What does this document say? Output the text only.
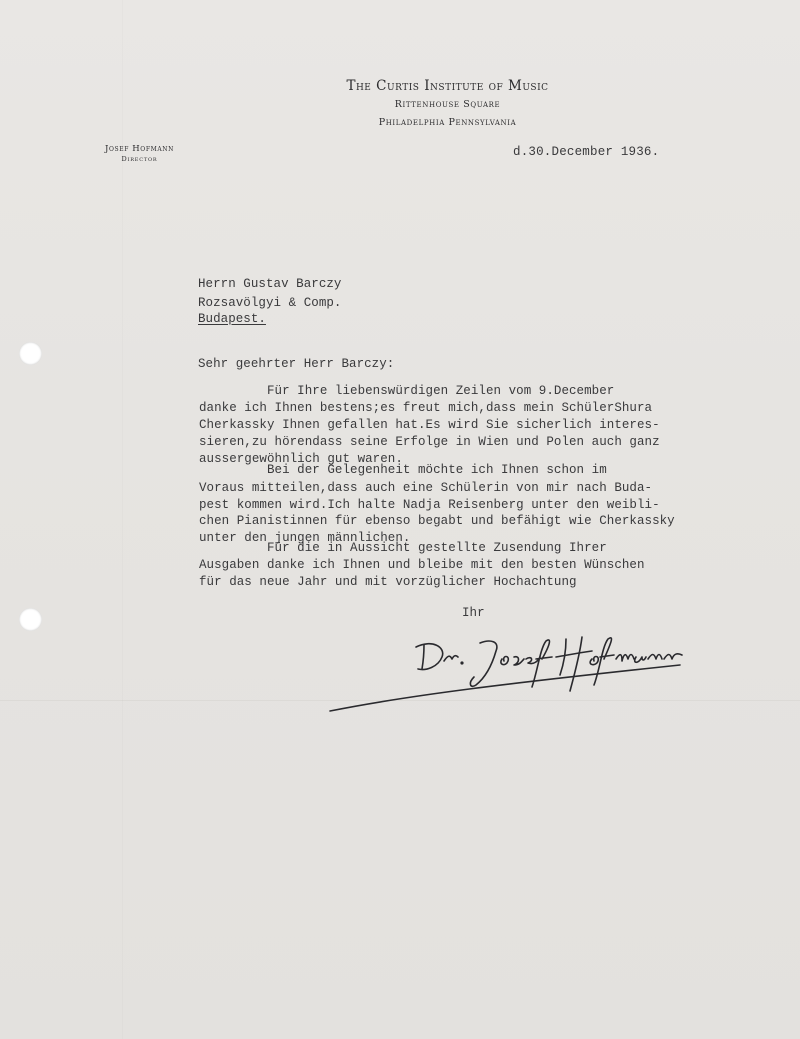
The Curtis Institute of Music
Rittenhouse Square
Philadelphia Pennsylvania
Josef Hofmann
Director	d.30.December 1936.
Herrn Gustav Barczy
Rozsavölgyi & Comp.
Budapest.
Sehr geehrter Herr Barczy:
Für Ihre liebenswürdigen Zeilen vom 9.December
danke ich Ihnen bestens;es freut mich,dass mein SchülerShura
Cherkassky Ihnen gefallen hat.Es wird Sie sicherlich interes-
sieren,zu hörendass seine Erfolge in Wien und Polen auch ganz
aussergewöhnlich gut waren.
Bei der Gelegenheit möchte ich Ihnen schon im
Voraus mitteilen,dass auch eine Schülerin von mir nach Buda-
pest kommen wird.Ich halte Nadja Reisenberg unter den weibli-
chen Pianistinnen für ebenso begabt und befähigt wie Cherkassky
unter den jungen männlichen.
Für die in Aussicht gestellte Zusendung Ihrer
Ausgaben danke ich Ihnen und bleibe mit den besten Wünschen
für das neue Jahr und mit vorzüglicher Hochachtung
Ihr
